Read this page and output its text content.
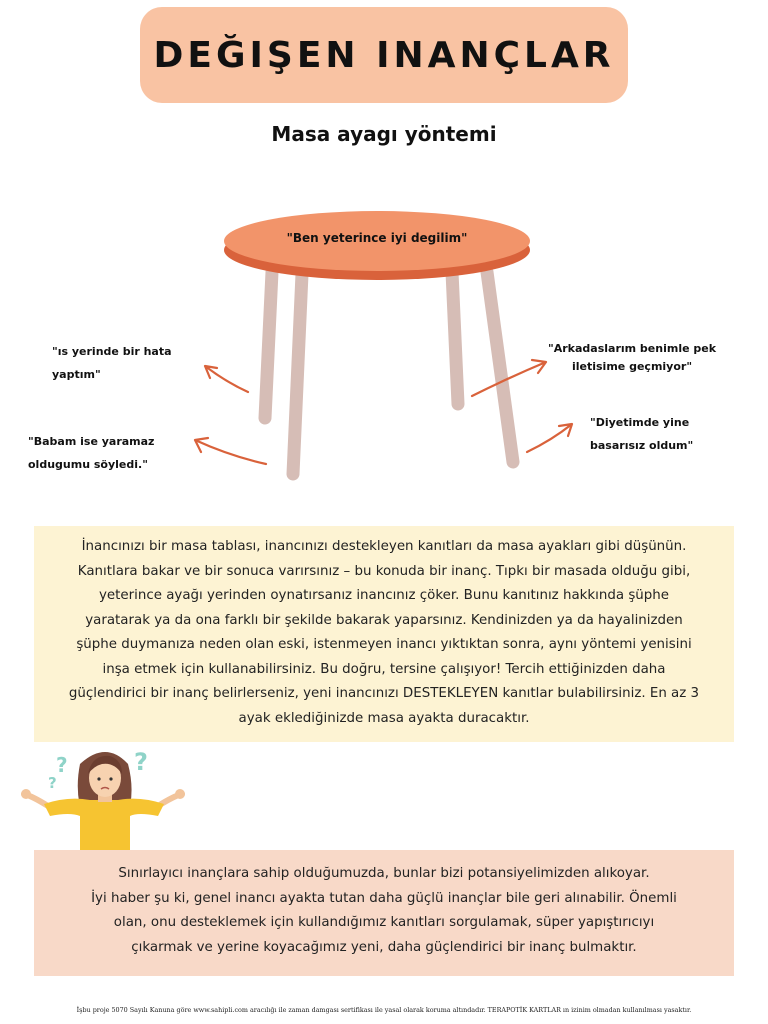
DEĞIŞEN INANÇLAR
Masa ayagı yöntemi
"Ben yeterince iyi degilim"
"ıs yerinde bir hata
yaptım"
"Babam ise yaramaz
oldugumu söyledi."
"Arkadaslarım benimle pek
iletisime geçmiyor"
"Diyetimde yine
basarısız oldum"
İnancınızı bir masa tablası, inancınızı destekleyen kanıtları da masa ayakları gibi düşünün.
Kanıtlara bakar ve bir sonuca varırsınız – bu konuda bir inanç. Tıpkı bir masada olduğu gibi,
yeterince ayağı yerinden oynatırsanız inancınız çöker. Bunu kanıtınız hakkında şüphe
yaratarak ya da ona farklı bir şekilde bakarak yaparsınız. Kendinizden ya da hayalinizden
şüphe duymanıza neden olan eski, istenmeyen inancı yıktıktan sonra, aynı yöntemi yenisini
inşa etmek için kullanabilirsiniz. Bu doğru, tersine çalışıyor! Tercih ettiğinizden daha
güçlendirici bir inanç belirlerseniz, yeni inancınızı DESTEKLEYEN kanıtlar bulabilirsiniz. En az 3
ayak eklediğinizde masa ayakta duracaktır.
?
?
?
Sınırlayıcı inançlara sahip olduğumuzda, bunlar bizi potansiyelimizden alıkoyar.
İyi haber şu ki, genel inancı ayakta tutan daha güçlü inançlar bile geri alınabilir. Önemli
olan, onu desteklemek için kullandığımız kanıtları sorgulamak, süper yapıştırıcıyı
çıkarmak ve yerine koyacağımız yeni, daha güçlendirici bir inanç bulmaktır.
İşbu proje 5070 Sayılı Kanuna göre www.sahipli.com aracılığı ile zaman damgası sertifikası ile yasal olarak koruma altındadır. TERAPOTİK KARTLAR ın izinim olmadan kullanılması yasaktır.
